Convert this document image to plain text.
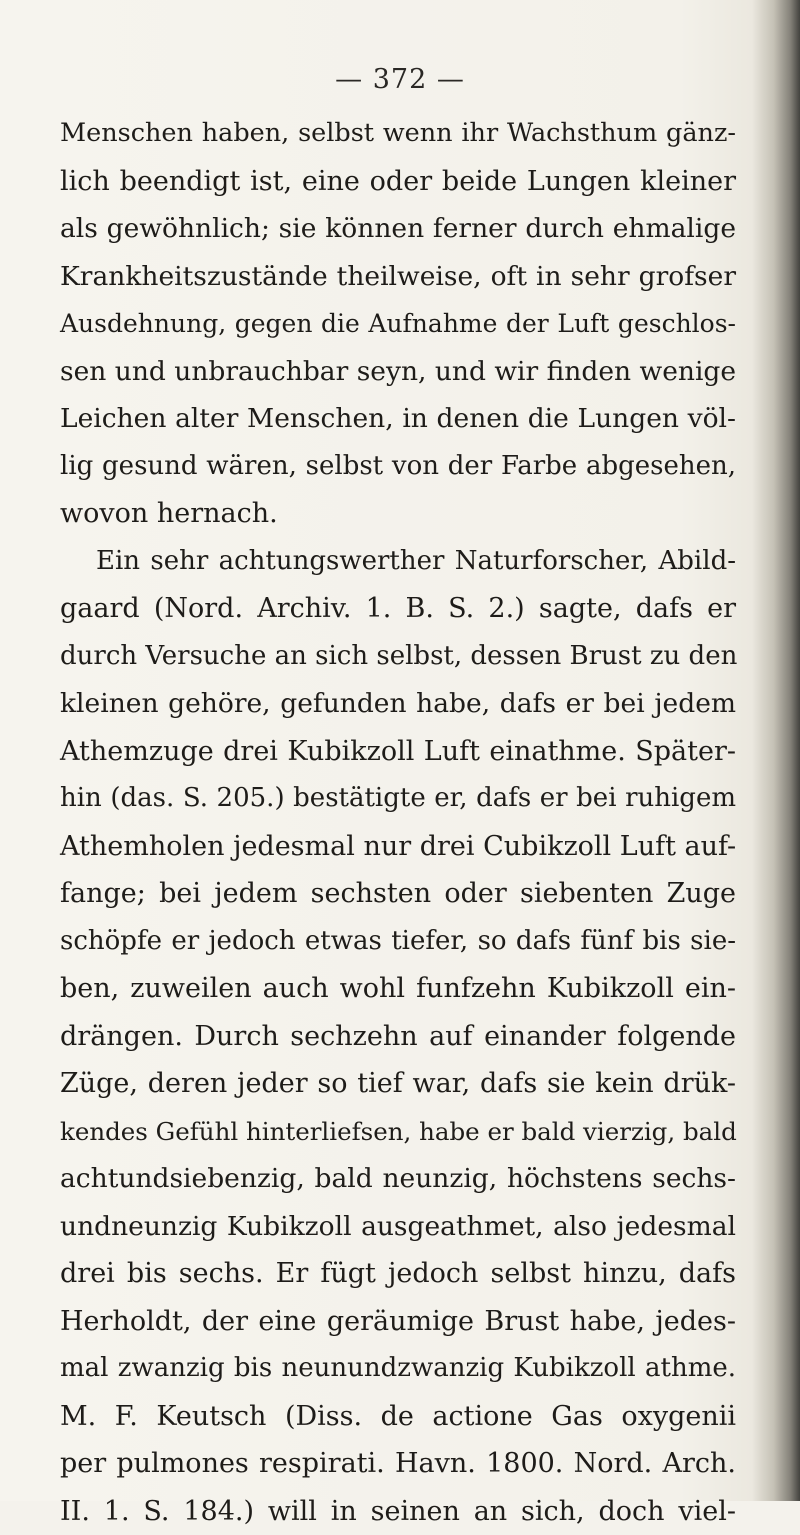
— 372 —
Menschen haben, selbst wenn ihr Wachsthum gänz-
lich beendigt ist, eine oder beide Lungen kleiner
als gewöhnlich; sie können ferner durch ehmalige
Krankheitszustände theilweise, oft in sehr grofser
Ausdehnung, gegen die Aufnahme der Luft geschlos-
sen und unbrauchbar seyn, und wir finden wenige
Leichen alter Menschen, in denen die Lungen völ-
lig gesund wären, selbst von der Farbe abgesehen,
wovon hernach.
Ein sehr achtungswerther Naturforscher, Abild-
gaard (Nord. Archiv. 1. B. S. 2.) sagte, dafs er
durch Versuche an sich selbst, dessen Brust zu den
kleinen gehöre, gefunden habe, dafs er bei jedem
Athemzuge drei Kubikzoll Luft einathme. Später-
hin (das. S. 205.) bestätigte er, dafs er bei ruhigem
Athemholen jedesmal nur drei Cubikzoll Luft auf-
fange; bei jedem sechsten oder siebenten Zuge
schöpfe er jedoch etwas tiefer, so dafs fünf bis sie-
ben, zuweilen auch wohl funfzehn Kubikzoll ein-
drängen. Durch sechzehn auf einander folgende
Züge, deren jeder so tief war, dafs sie kein drük-
kendes Gefühl hinterliefsen, habe er bald vierzig, bald
achtundsiebenzig, bald neunzig, höchstens sechs-
undneunzig Kubikzoll ausgeathmet, also jedesmal
drei bis sechs. Er fügt jedoch selbst hinzu, dafs
Herholdt, der eine geräumige Brust habe, jedes-
mal zwanzig bis neunundzwanzig Kubikzoll athme.
M. F. Keutsch (Diss. de actione Gas oxygenii
per pulmones respirati. Havn. 1800. Nord. Arch.
II. 1. S. 184.) will in seinen an sich, doch viel-
